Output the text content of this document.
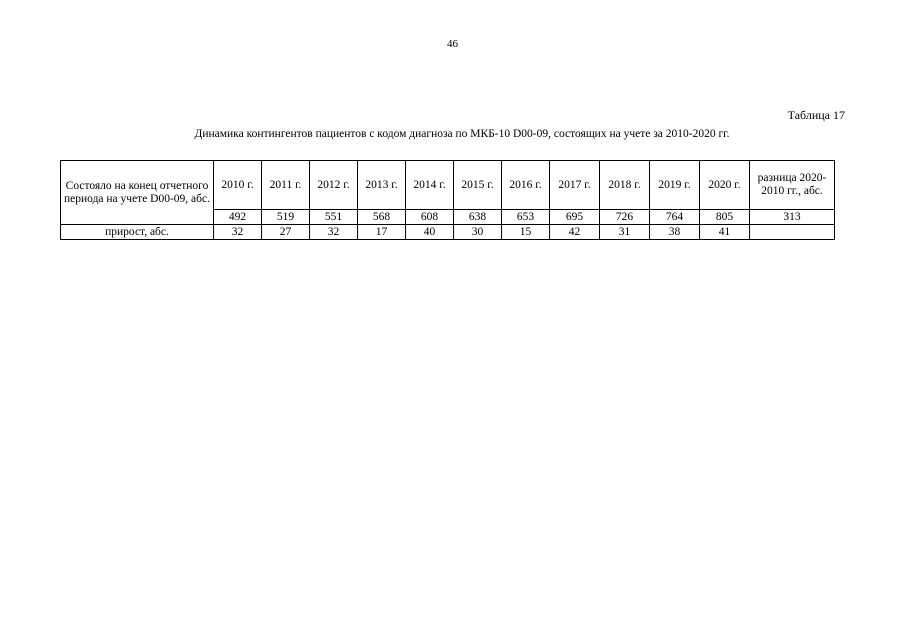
46
Таблица 17
Динамика контингентов пациентов с кодом диагноза по МКБ-10 D00-09, состоящих на учете за 2010-2020 гг.
Состояло на конец отчетного периода на учете D00-09, абс.	2010 г.	2011 г.	2012 г.	2013 г.	2014 г.	2015 г.	2016 г.	2017 г.	2018 г.	2019 г.	2020 г.	разница 2020-2010 гг., абс.
	492	519	551	568	608	638	653	695	726	764	805	313
прирост, абс.	32	27	32	17	40	30	15	42	31	38	41	
